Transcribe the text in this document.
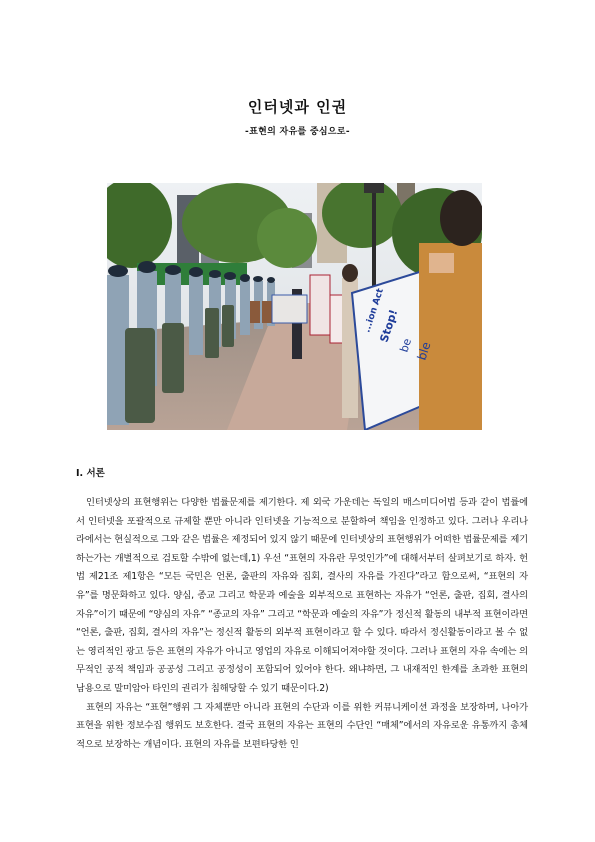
인터넷과 인권
-표현의 자유를 중심으로-
...ion Act
Stop!
be ble
Ⅰ. 서론

인터넷상의 표현행위는 다양한 법률문제를 제기한다. 제 외국 가운데는 독일의 매스미디어법 등과 같이 법률에서 인터넷을 포괄적으로 규제할 뿐만 아니라 인터넷을 기능적으로 분할하여 책임을 인정하고 있다. 그러나 우리나라에서는 현실적으로 그와 같은 법률은 제정되어 있지 않기 때문에 인터넷상의 표현행위가 어떠한 법률문제를 제기하는가는 개별적으로 검토할 수밖에 없는데,1) 우선 “표현의 자유란 무엇인가”에 대해서부터 살펴보기로 하자. 헌법 제21조 제1항은 “모든 국민은 언론, 출판의 자유와 집회, 결사의 자유를 가진다”라고 함으로써, “표현의 자유”를 명문화하고 있다. 양심, 종교 그리고 학문과 예술을 외부적으로 표현하는 자유가 “언론, 출판, 집회, 결사의 자유”이기 때문에 “양심의 자유” “종교의 자유” 그리고 “학문과 예술의 자유”가 정신적 활동의 내부적 표현이라면 “언론, 출판, 집회, 결사의 자유”는 정신적 활동의 외부적 표현이라고 할 수 있다. 따라서 정신활동이라고 볼 수 없는 영리적인 광고 등은 표현의 자유가 아니고 영업의 자유로 이해되어져야할 것이다. 그러나 표현의 자유 속에는 의무적인 공적 책임과 공공성 그리고 공정성이 포함되어 있어야 한다. 왜냐하면, 그 내재적인 한계를 초과한 표현의 남용으로 말미암아 타인의 권리가 침해당할 수 있기 때문이다.2)

표현의 자유는 “표현”행위 그 자체뿐만 아니라 표현의 수단과 이를 위한 커뮤니케이션 과정을 보장하며, 나아가 표현을 위한 정보수집 행위도 보호한다. 결국 표현의 자유는 표현의 수단인 “매체”에서의 자유로운 유통까지 총체적으로 보장하는 개념이다. 표현의 자유를 보편타당한 인
